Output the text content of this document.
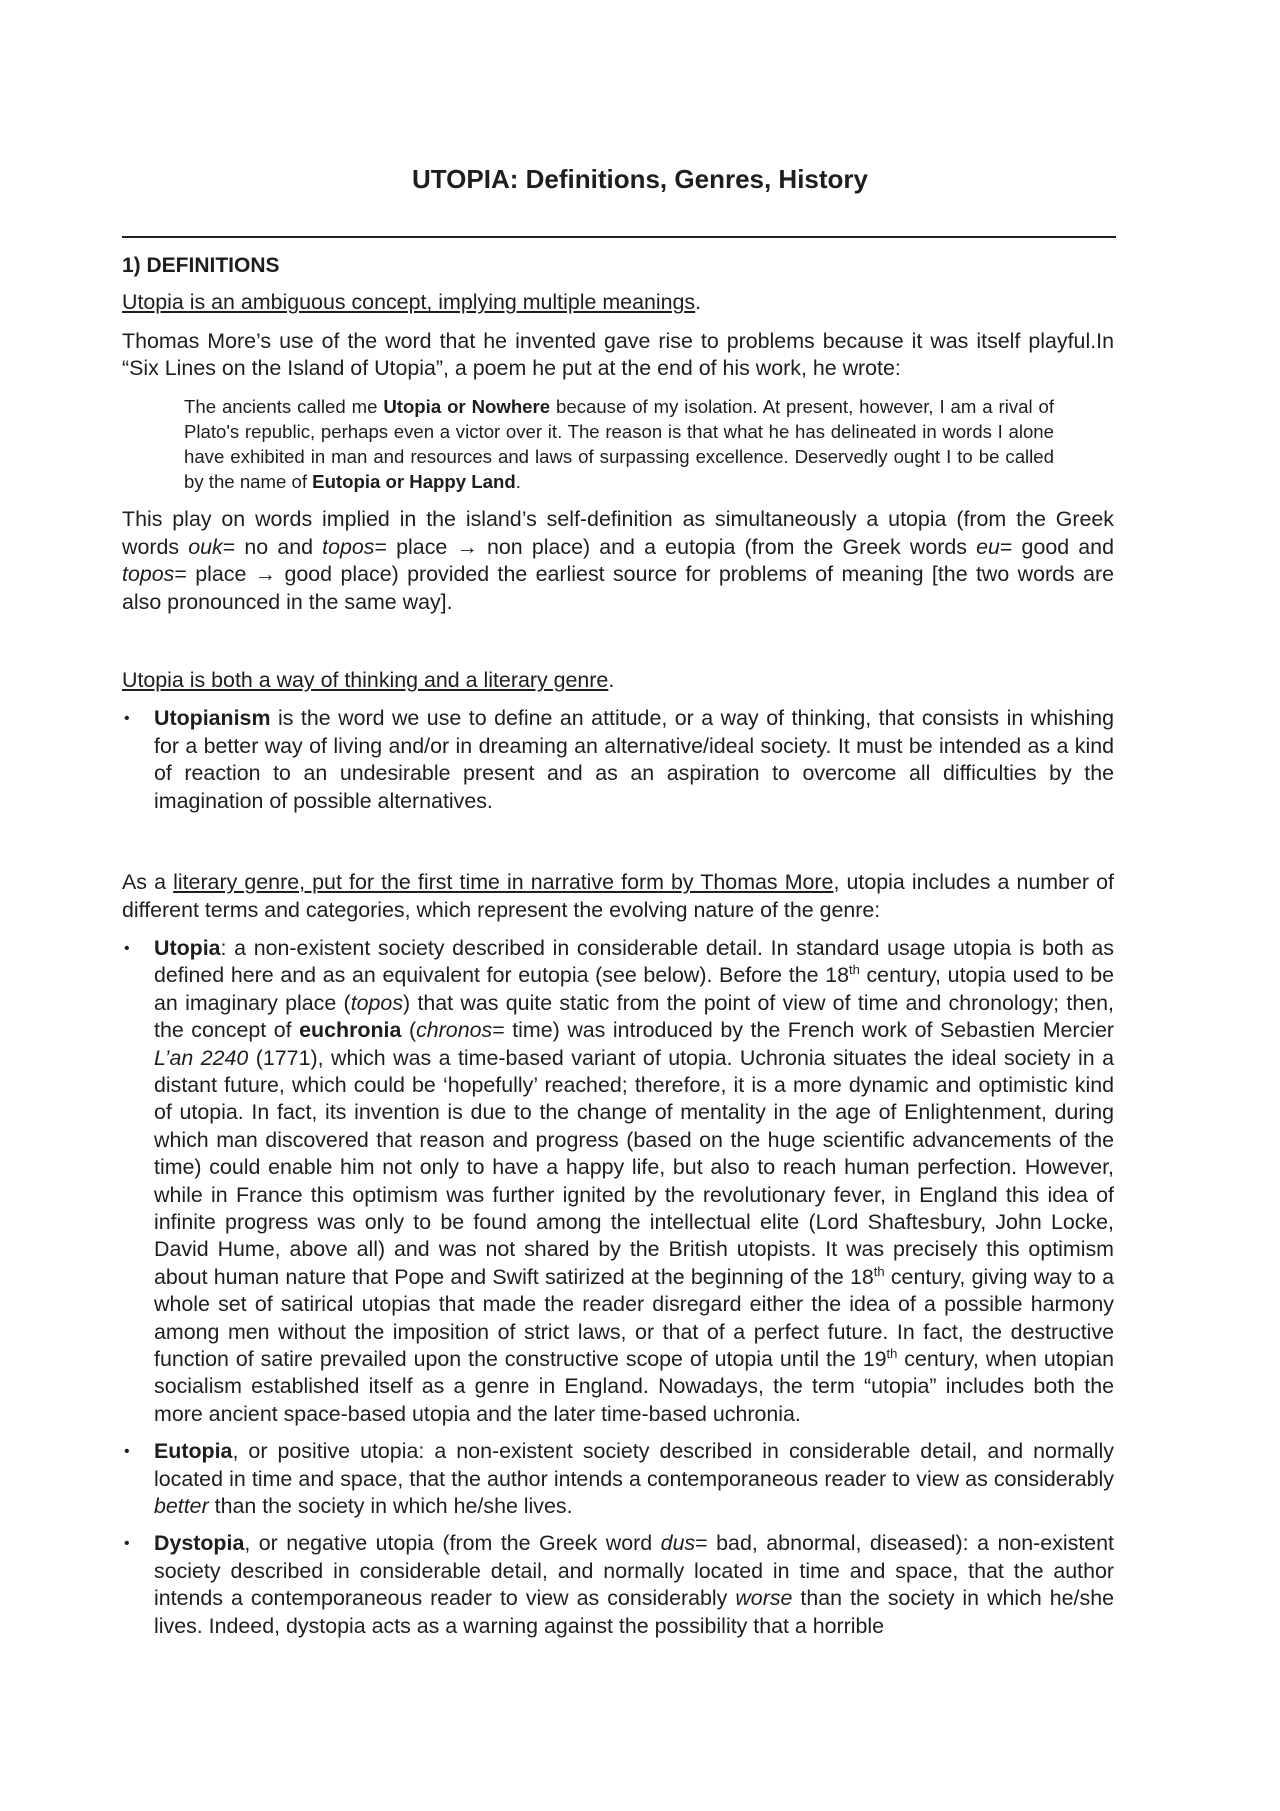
UTOPIA: Definitions, Genres, History
1) DEFINITIONS

Utopia is an ambiguous concept, implying multiple meanings.

Thomas More’s use of the word that he invented gave rise to problems because it was itself playful.In “Six Lines on the Island of Utopia”, a poem he put at the end of his work, he wrote:

The ancients called me Utopia or Nowhere because of my isolation. At present, however, I am a rival of Plato's republic, perhaps even a victor over it. The reason is that what he has delineated in words I alone have exhibited in man and resources and laws of surpassing excellence. Deservedly ought I to be called by the name of Eutopia or Happy Land.

This play on words implied in the island’s self-definition as simultaneously a utopia (from the Greek words ouk= no and topos= place → non place) and a eutopia (from the Greek words eu= good and topos= place → good place) provided the earliest source for problems of meaning [the two words are also pronounced in the same way].

Utopia is both a way of thinking and a literary genre.

• Utopianism is the word we use to define an attitude, or a way of thinking, that consists in whishing for a better way of living and/or in dreaming an alternative/ideal society. It must be intended as a kind of reaction to an undesirable present and as an aspiration to overcome all difficulties by the imagination of possible alternatives.

As a literary genre, put for the first time in narrative form by Thomas More, utopia includes a number of different terms and categories, which represent the evolving nature of the genre:

• Utopia: a non-existent society described in considerable detail. In standard usage utopia is both as defined here and as an equivalent for eutopia (see below). Before the 18th century, utopia used to be an imaginary place (topos) that was quite static from the point of view of time and chronology; then, the concept of euchronia (chronos= time) was introduced by the French work of Sebastien Mercier L’an 2240 (1771), which was a time-based variant of utopia. Uchronia situates the ideal society in a distant future, which could be ‘hopefully’ reached; therefore, it is a more dynamic and optimistic kind of utopia. In fact, its invention is due to the change of mentality in the age of Enlightenment, during which man discovered that reason and progress (based on the huge scientific advancements of the time) could enable him not only to have a happy life, but also to reach human perfection. However, while in France this optimism was further ignited by the revolutionary fever, in England this idea of infinite progress was only to be found among the intellectual elite (Lord Shaftesbury, John Locke, David Hume, above all) and was not shared by the British utopists. It was precisely this optimism about human nature that Pope and Swift satirized at the beginning of the 18th century, giving way to a whole set of satirical utopias that made the reader disregard either the idea of a possible harmony among men without the imposition of strict laws, or that of a perfect future. In fact, the destructive function of satire prevailed upon the constructive scope of utopia until the 19th century, when utopian socialism established itself as a genre in England. Nowadays, the term “utopia” includes both the more ancient space-based utopia and the later time-based uchronia.
• Eutopia, or positive utopia: a non-existent society described in considerable detail, and normally located in time and space, that the author intends a contemporaneous reader to view as considerably better than the society in which he/she lives.
• Dystopia, or negative utopia (from the Greek word dus= bad, abnormal, diseased): a non-existent society described in considerable detail, and normally located in time and space, that the author intends a contemporaneous reader to view as considerably worse than the society in which he/she lives. Indeed, dystopia acts as a warning against the possibility that a horrible
